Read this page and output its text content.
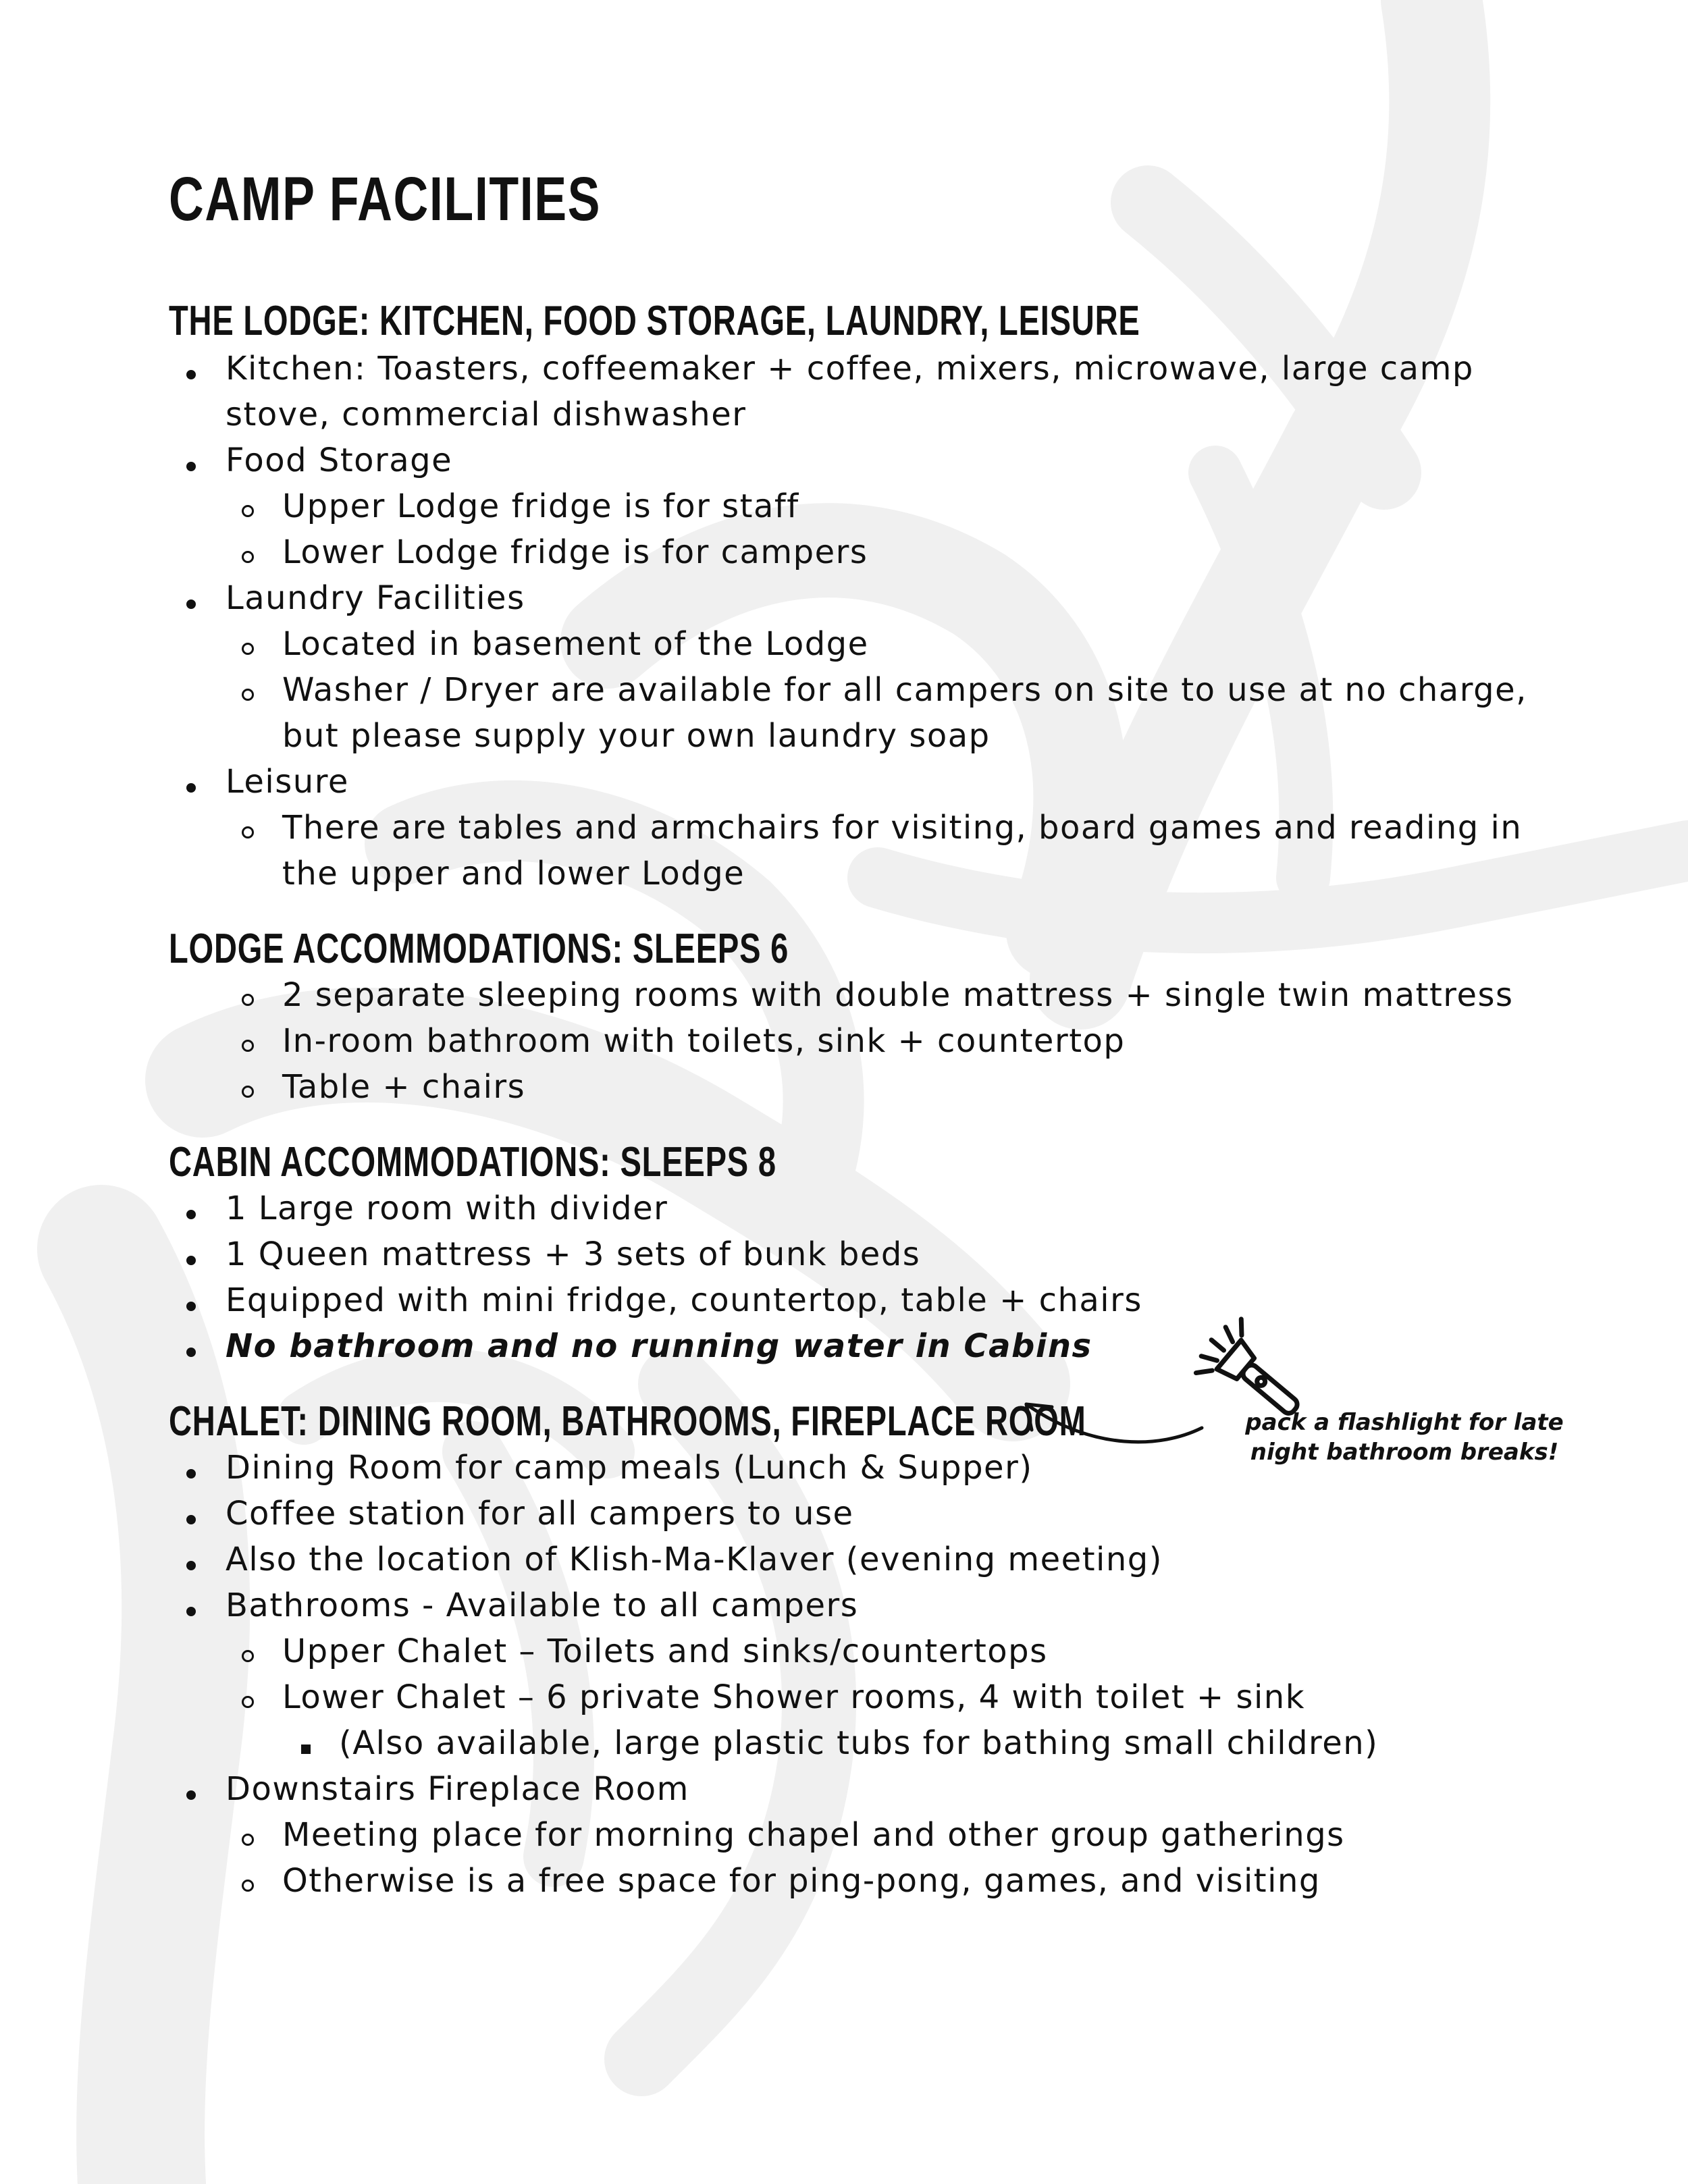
CAMP FACILITIES
THE LODGE: KITCHEN, FOOD STORAGE, LAUNDRY, LEISURE
Kitchen: Toasters, coffeemaker + coffee, mixers, microwave, large camp stove, commercial dishwasher
Food Storage
Upper Lodge fridge is for staff
Lower Lodge fridge is for campers
Laundry Facilities
Located in basement of the Lodge
Washer / Dryer are available for all campers on site to use at no charge, but please supply your own laundry soap
Leisure
There are tables and armchairs for visiting, board games and reading in the upper and lower Lodge
LODGE ACCOMMODATIONS: SLEEPS 6
2 separate sleeping rooms with double mattress + single twin mattress
In-room bathroom with toilets, sink + countertop
Table + chairs
CABIN ACCOMMODATIONS: SLEEPS 8
1 Large room with divider
1 Queen mattress + 3 sets of bunk beds
Equipped with mini fridge, countertop, table + chairs
No bathroom and no running water in Cabins
CHALET: DINING ROOM, BATHROOMS, FIREPLACE ROOM
Dining Room for camp meals (Lunch & Supper)
Coffee station for all campers to use
Also the location of Klish-Ma-Klaver (evening meeting)
Bathrooms - Available to all campers
Upper Chalet – Toilets and sinks/countertops
Lower Chalet – 6 private Shower rooms, 4 with toilet + sink
(Also available, large plastic tubs for bathing small children)
Downstairs Fireplace Room
Meeting place for morning chapel and other group gatherings
Otherwise is a free space for ping-pong, games, and visiting
pack a flashlight for late
night bathroom breaks!
